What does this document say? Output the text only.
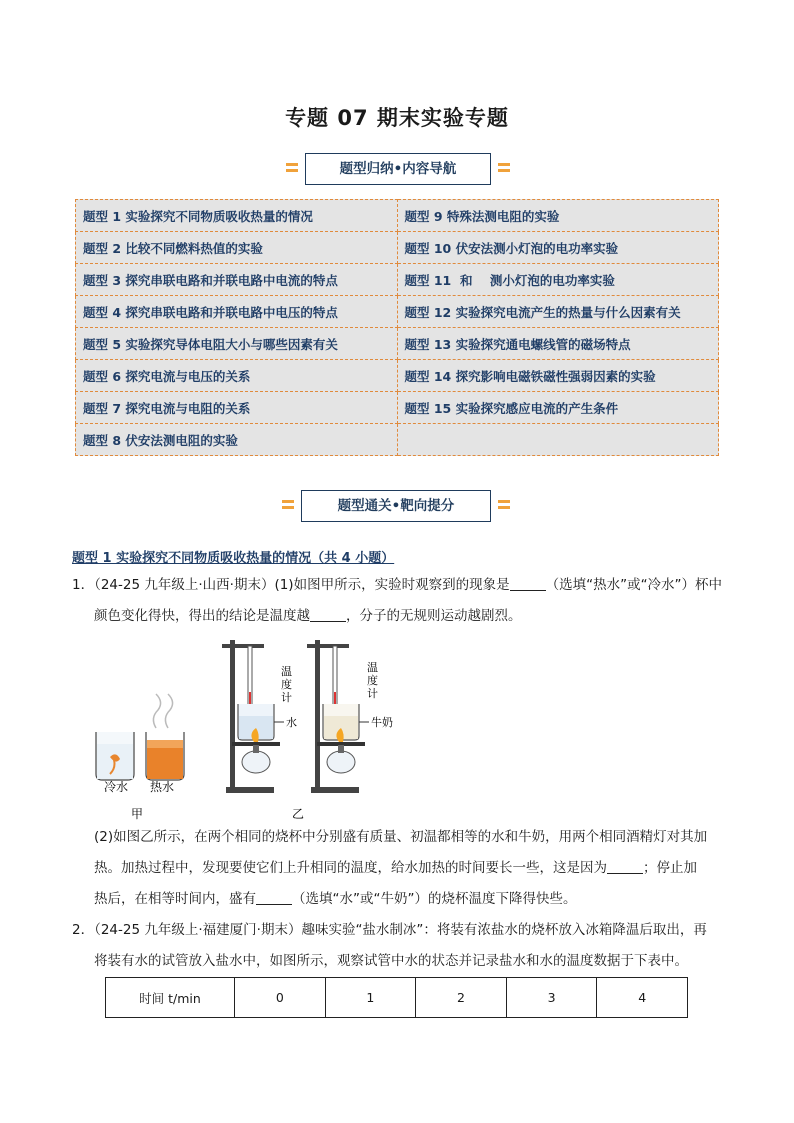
专题 07 期末实验专题
题型归纳•内容导航
题型 1 实验探究不同物质吸收热量的情况	题型 9 特殊法测电阻的实验
题型 2 比较不同燃料热值的实验	题型 10 伏安法测小灯泡的电功率实验
题型 3 探究串联电路和并联电路中电流的特点	题型 11  和    测小灯泡的电功率实验
题型 4 探究串联电路和并联电路中电压的特点	题型 12 实验探究电流产生的热量与什么因素有关
题型 5 实验探究导体电阻大小与哪些因素有关	题型 13 实验探究通电螺线管的磁场特点
题型 6 探究电流与电压的关系	题型 14 探究影响电磁铁磁性强弱因素的实验
题型 7 探究电流与电阻的关系	题型 15 实验探究感应电流的产生条件
题型 8 伏安法测电阻的实验	
题型通关•靶向提分
题型 1 实验探究不同物质吸收热量的情况（共 4 小题）
1．（24-25 九年级上·山西·期末）(1)如图甲所示，实验时观察到的现象是	（选填“热水”或“冷水”）杯中
颜色变化得快，得出的结论是温度越	，分子的无规则运动越剧烈。
冷水 热水
甲
温
度
计
水
温
度
计
牛奶
乙
(2)如图乙所示，在两个相同的烧杯中分别盛有质量、初温都相等的水和牛奶，用两个相同酒精灯对其加
热。加热过程中，发现要使它们上升相同的温度，给水加热的时间要长一些，这是因为	；停止加
热后，在相等时间内，盛有	（选填“水”或“牛奶”）的烧杯温度下降得快些。
2．（24-25 九年级上·福建厦门·期末）趣味实验“盐水制冰”：将装有浓盐水的烧杯放入冰箱降温后取出，再
将装有水的试管放入盐水中，如图所示，观察试管中水的状态并记录盐水和水的温度数据于下表中。
时间 t/min	0	1	2	3	4
